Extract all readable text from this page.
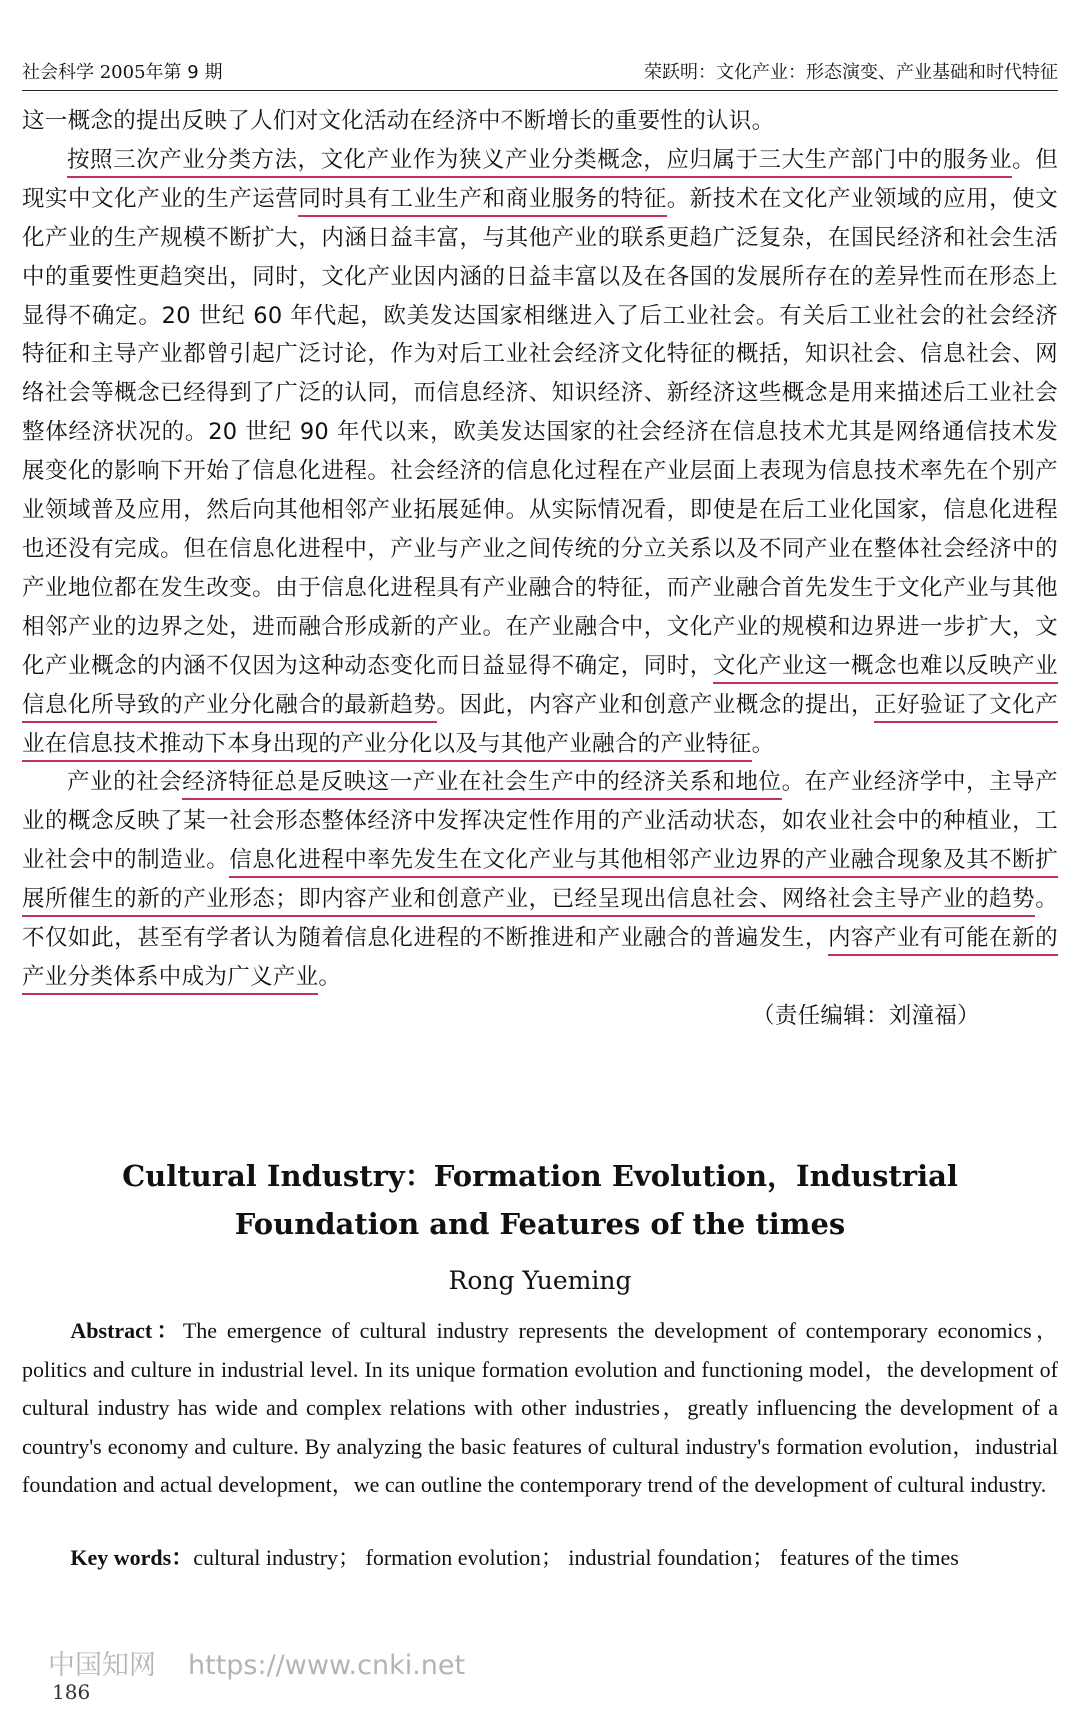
社会科学 2005年第 9 期	荣跃明：文化产业：形态演变、产业基础和时代特征

这一概念的提出反映了人们对文化活动在经济中不断增长的重要性的认识。

按照三次产业分类方法，文化产业作为狭义产业分类概念，应归属于三大生产部门中的服务业。但现实中文化产业的生产运营同时具有工业生产和商业服务的特征。新技术在文化产业领域的应用，使文化产业的生产规模不断扩大，内涵日益丰富，与其他产业的联系更趋广泛复杂，在国民经济和社会生活中的重要性更趋突出，同时，文化产业因内涵的日益丰富以及在各国的发展所存在的差异性而在形态上显得不确定。20 世纪 60 年代起，欧美发达国家相继进入了后工业社会。有关后工业社会的社会经济特征和主导产业都曾引起广泛讨论，作为对后工业社会经济文化特征的概括，知识社会、信息社会、网络社会等概念已经得到了广泛的认同，而信息经济、知识经济、新经济这些概念是用来描述后工业社会整体经济状况的。20 世纪 90 年代以来，欧美发达国家的社会经济在信息技术尤其是网络通信技术发展变化的影响下开始了信息化进程。社会经济的信息化过程在产业层面上表现为信息技术率先在个别产业领域普及应用，然后向其他相邻产业拓展延伸。从实际情况看，即使是在后工业化国家，信息化进程也还没有完成。但在信息化进程中，产业与产业之间传统的分立关系以及不同产业在整体社会经济中的产业地位都在发生改变。由于信息化进程具有产业融合的特征，而产业融合首先发生于文化产业与其他相邻产业的边界之处，进而融合形成新的产业。在产业融合中，文化产业的规模和边界进一步扩大，文化产业概念的内涵不仅因为这种动态变化而日益显得不确定，同时，文化产业这一概念也难以反映产业信息化所导致的产业分化融合的最新趋势。因此，内容产业和创意产业概念的提出，正好验证了文化产业在信息技术推动下本身出现的产业分化以及与其他产业融合的产业特征。

产业的社会经济特征总是反映这一产业在社会生产中的经济关系和地位。在产业经济学中，主导产业的概念反映了某一社会形态整体经济中发挥决定性作用的产业活动状态，如农业社会中的种植业，工业社会中的制造业。信息化进程中率先发生在文化产业与其他相邻产业边界的产业融合现象及其不断扩展所催生的新的产业形态；即内容产业和创意产业，已经呈现出信息社会、网络社会主导产业的趋势。不仅如此，甚至有学者认为随着信息化进程的不断推进和产业融合的普遍发生，内容产业有可能在新的产业分类体系中成为广义产业。

（责任编辑：刘潼福）

Cultural Industry：Formation Evolution，Industrial
Foundation and Features of the times
Rong Yueming

Abstract：The emergence of cultural industry represents the development of contemporary economics，politics and culture in industrial level. In its unique formation evolution and functioning model，the development of cultural industry has wide and complex relations with other industries，greatly influencing the development of a country's economy and culture. By analyzing the basic features of cultural industry's formation evolution，industrial foundation and actual development，we can outline the contemporary trend of the development of cultural industry.

Key words：cultural industry； formation evolution； industrial foundation； features of the times
中国知网 https://www.cnki.net
186
